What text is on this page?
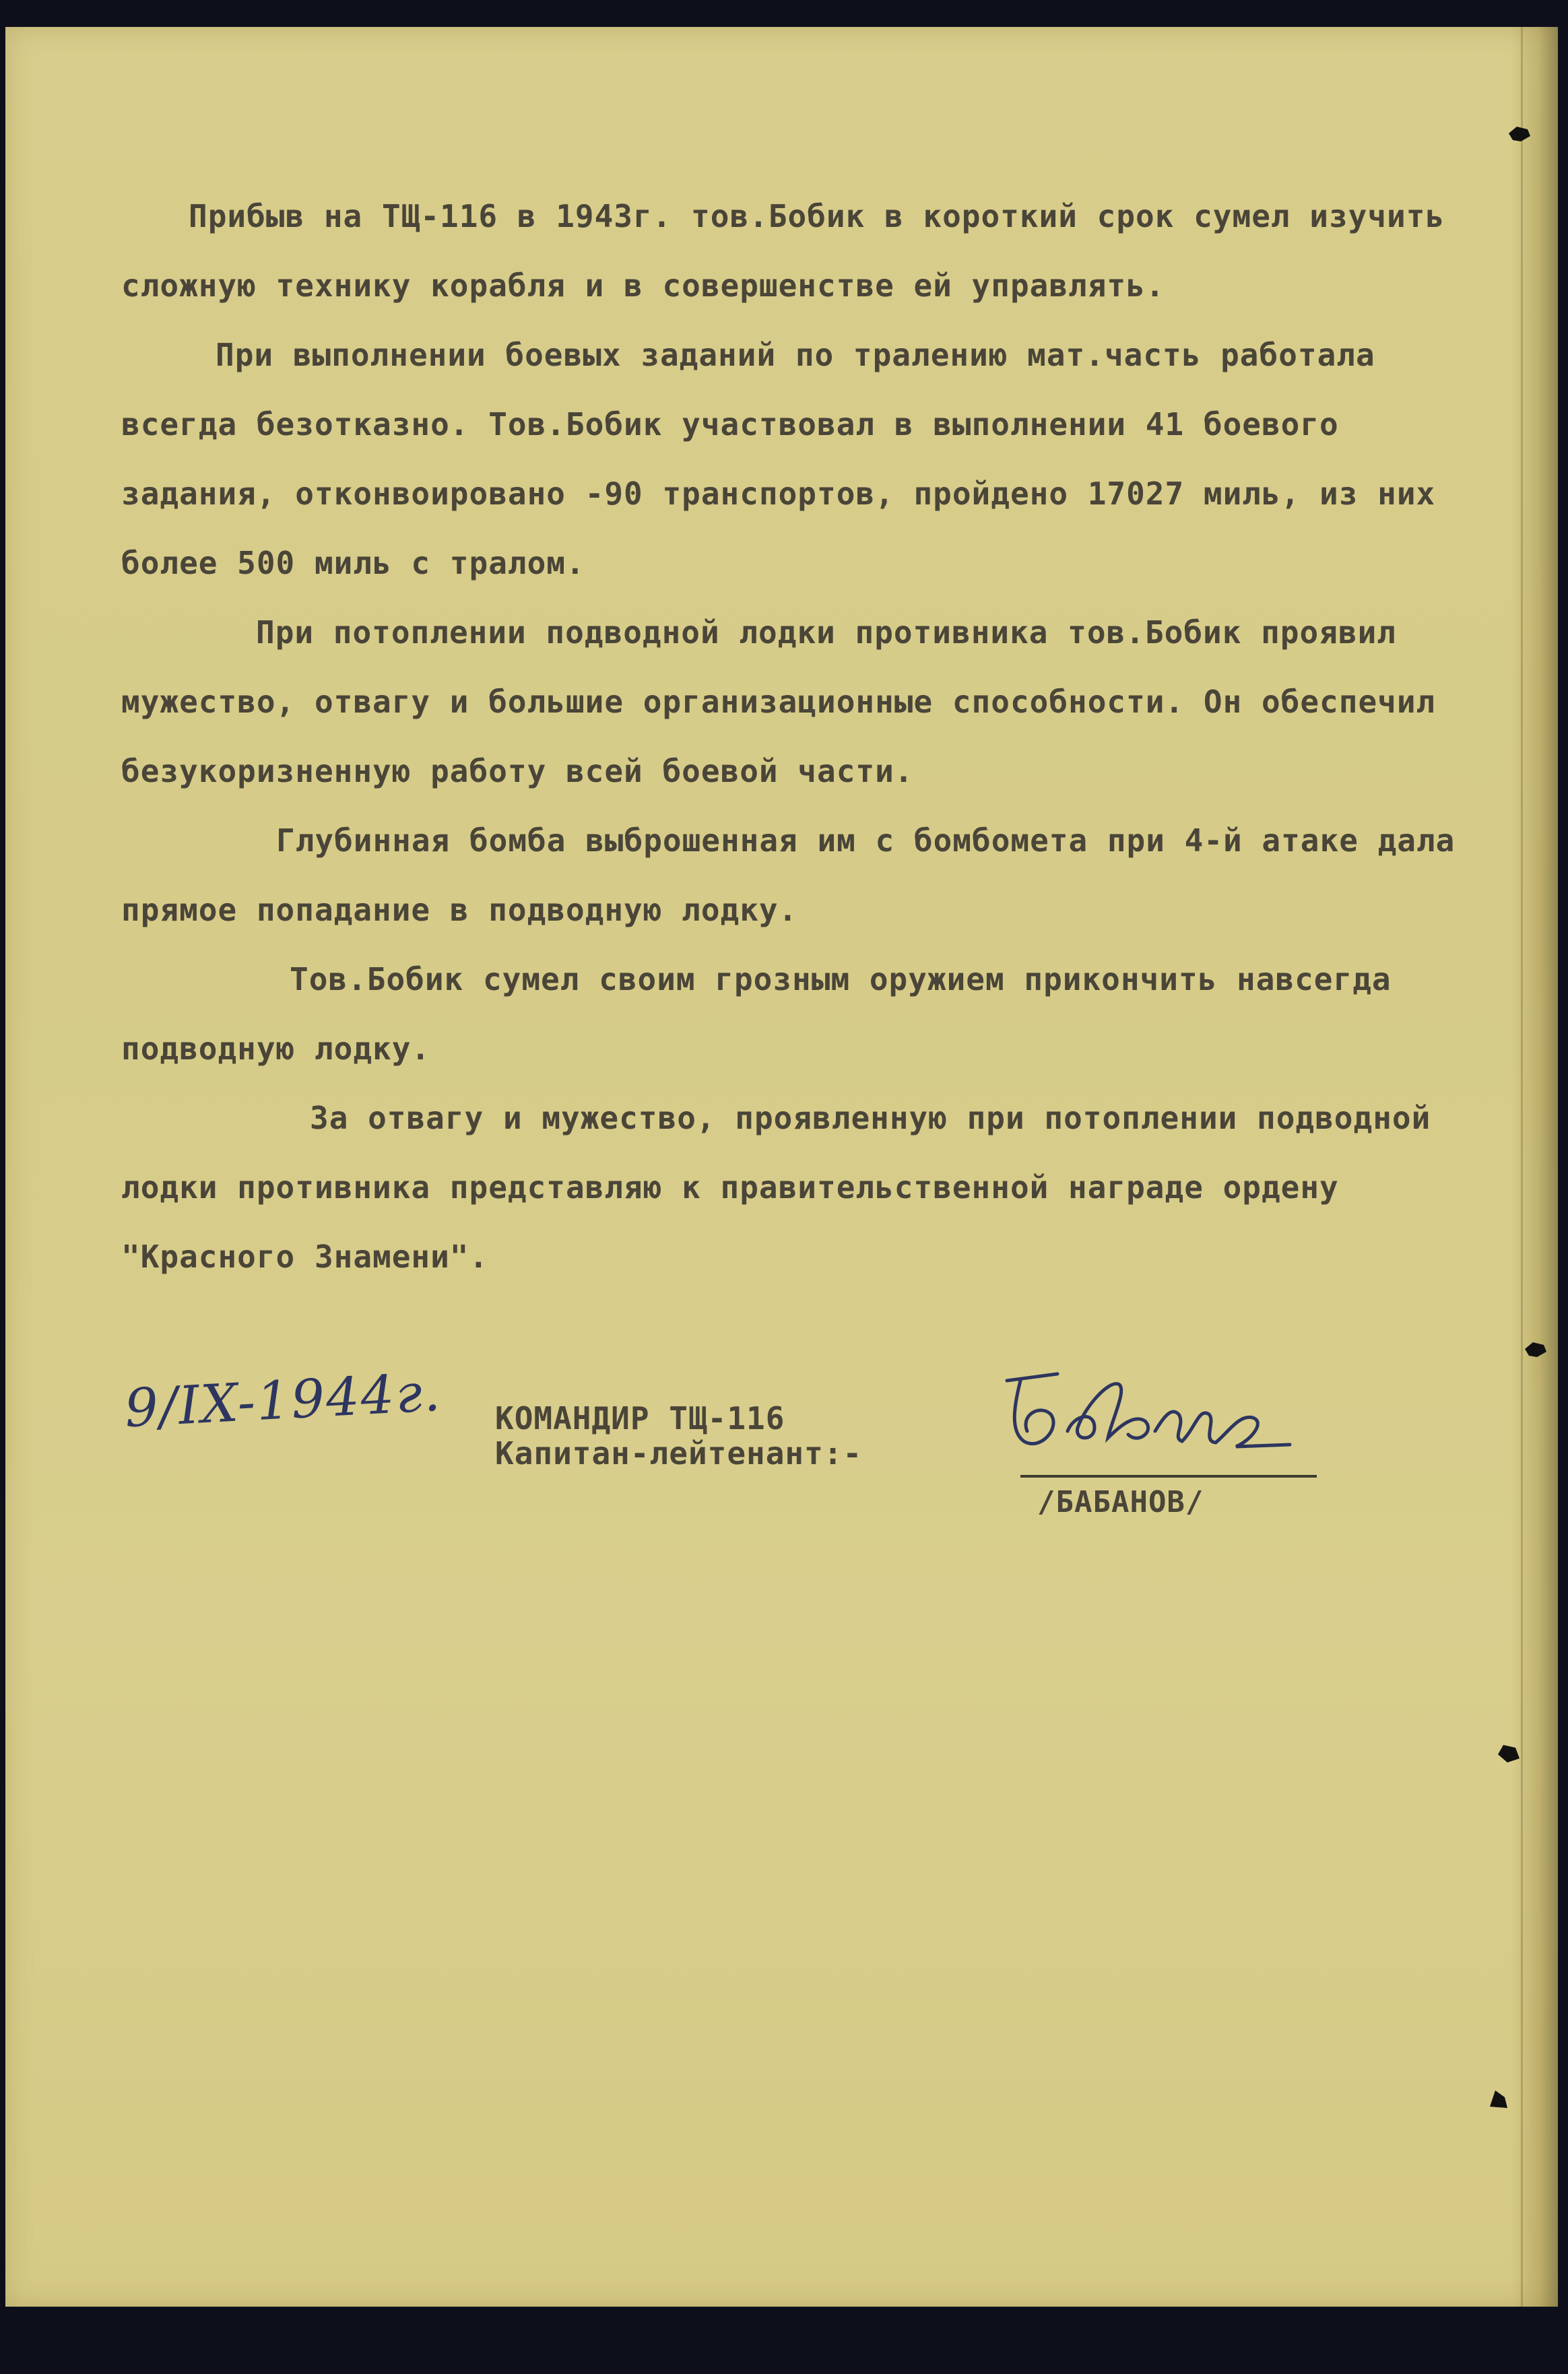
Прибыв на ТЩ-116 в 1943г. тов.Бобик в короткий срок сумел изучить сложную технику корабля и в совершенстве ей управлять.

При выполнении боевых заданий по тралению мат.часть работала всегда безотказно. Тов.Бобик участвовал в выполнении 41 боевого задания, отконвоировано -90 транспортов, пройдено 17027 миль, из них более 500 миль с тралом.

При потоплении подводной лодки противника тов.Бобик проявил мужество, отвагу и большие организационные способности. Он обеспечил безукоризненную работу всей боевой части.

Глубинная бомба выброшенная им с бомбомета при 4-й атаке дала прямое попадание в подводную лодку.

Тов.Бобик сумел своим грозным оружием прикончить навсегда подводную лодку.

За отвагу и мужество, проявленную при потоплении подводной лодки противника представляю к правительственной награде ордену "Красного Знамени".

9/IX-1944г. КОМАНДИР ТЩ-116
Капитан-лейтенант:-
/БАБАНОВ/
